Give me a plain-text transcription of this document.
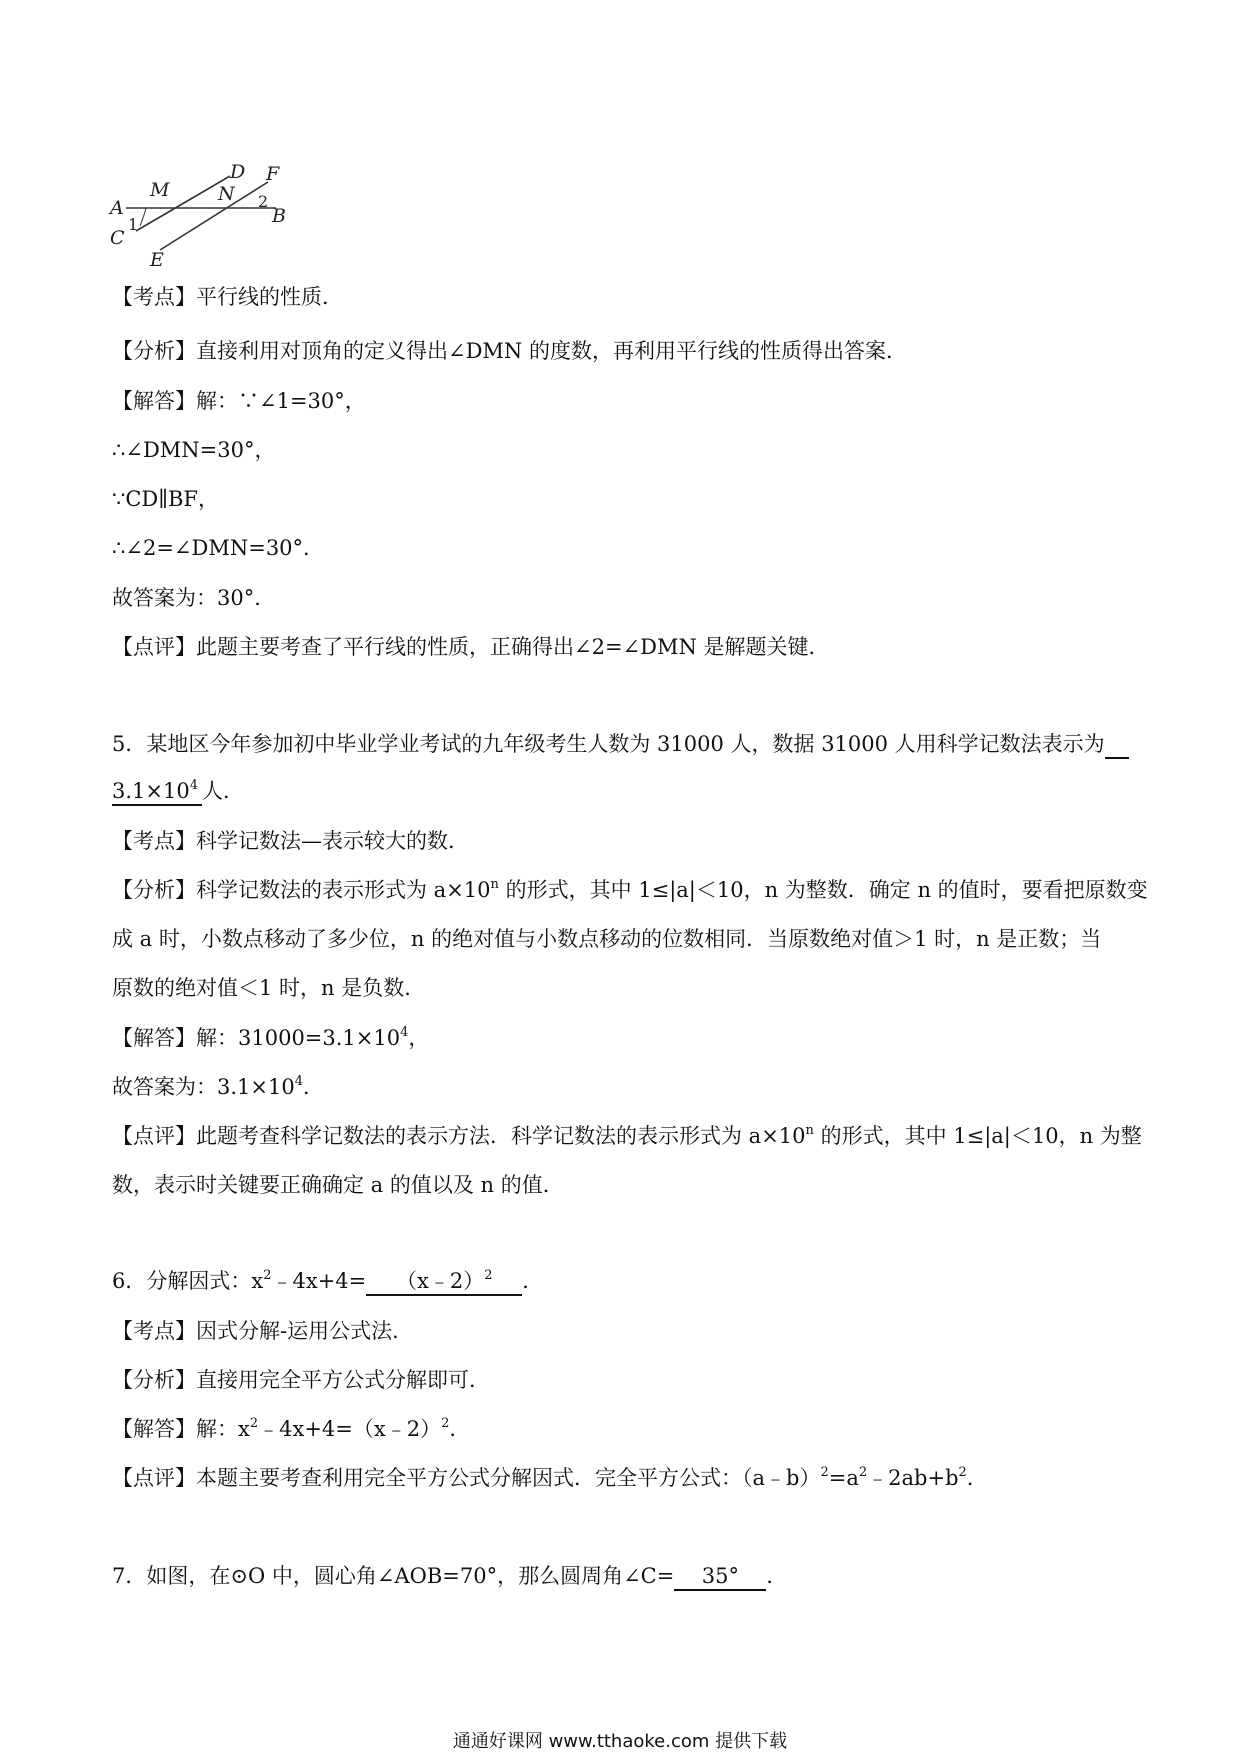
A
M
D
N
F
B
C
E
1
2
【考点】平行线的性质．
【分析】直接利用对顶角的定义得出∠DMN 的度数，再利用平行线的性质得出答案．
【解答】解：∵∠1=30°，
∴∠DMN=30°，
∵CD∥BF，
∴∠2=∠DMN=30°．
故答案为：30°．
【点评】此题主要考查了平行线的性质，正确得出∠2=∠DMN 是解题关键．
5．某地区今年参加初中毕业学业考试的九年级考生人数为 31000 人，数据 31000 人用科学记数法表示为
$3.1\times 10^4$ 人．
【考点】科学记数法—表示较大的数．
【分析】科学记数法的表示形式为 $a\times 10^n$ 的形式，其中 1≤|a|＜10，n 为整数．确定 n 的值时，要看把原数变
成 a 时，小数点移动了多少位，n 的绝对值与小数点移动的位数相同．当原数绝对值＞1 时，n 是正数；当
原数的绝对值＜1 时，n 是负数．
【解答】解：$31000=3.1\times 10^4$，
故答案为：$3.1\times 10^4$．
【点评】此题考查科学记数法的表示方法．科学记数法的表示形式为 $a\times 10^n$ 的形式，其中 1≤|a|＜10，n 为整
数，表示时关键要正确确定 a 的值以及 n 的值．
6．分解因式：$x^2﹣4x+4=$ （x﹣2）$^2$ ．
【考点】因式分解-运用公式法．
【分析】直接用完全平方公式分解即可．
【解答】解：$x^2﹣4x+4=(x﹣2)^2$．
【点评】本题主要考查利用完全平方公式分解因式．完全平方公式：$(a﹣b)^2=a^2﹣2ab+b^2$．
7．如图，在⊙O 中，圆心角∠AOB=70°，那么圆周角∠C= 35° ．
通通好课网 www.tthaoke.com 提供下载
